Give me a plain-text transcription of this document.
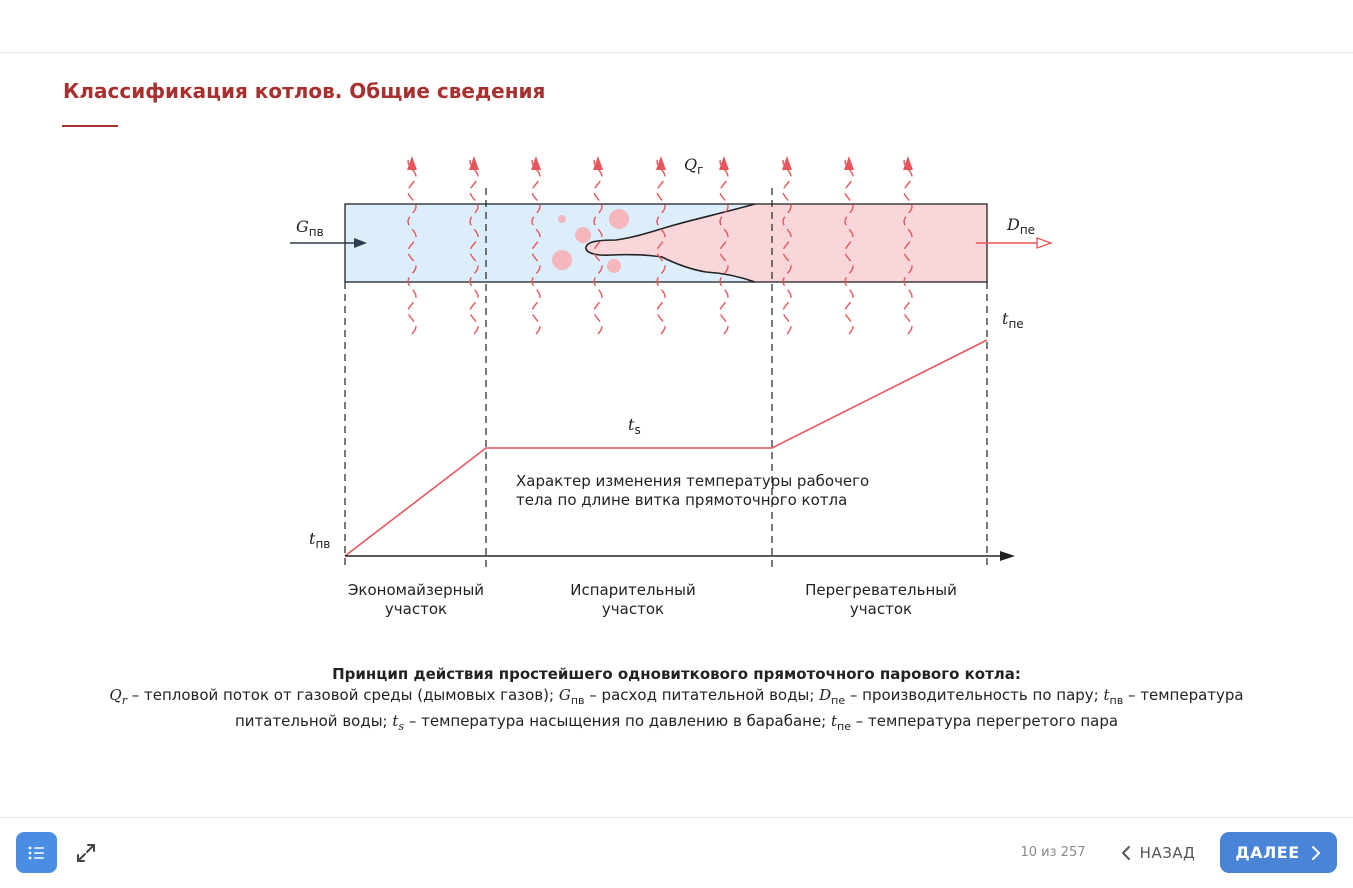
Классификация котлов. Общие сведения
$Q_г$
$G_{пв}$	$D_{пе}$
$t_{пе}$
$t_s$
$t_{пв}$
Характер изменения температуры рабочего
тела по длине витка прямоточного котла
Экономайзерный
участок
Испарительный
участок
Перегревательный
участок
Принцип действия простейшего одновиткового прямоточного парового котла:
$Q_r$ – тепловой поток от газовой среды (дымовых газов); $G_{пв}$ – расход питательной воды; $D_{пе}$ – производительность по пару; $t_{пв}$ – температура питательной воды; $t_s$ – температура насыщения по давлению в барабане; $t_{пе}$ – температура перегретого пара
10 из 257	НАЗАД	ДАЛЕЕ
